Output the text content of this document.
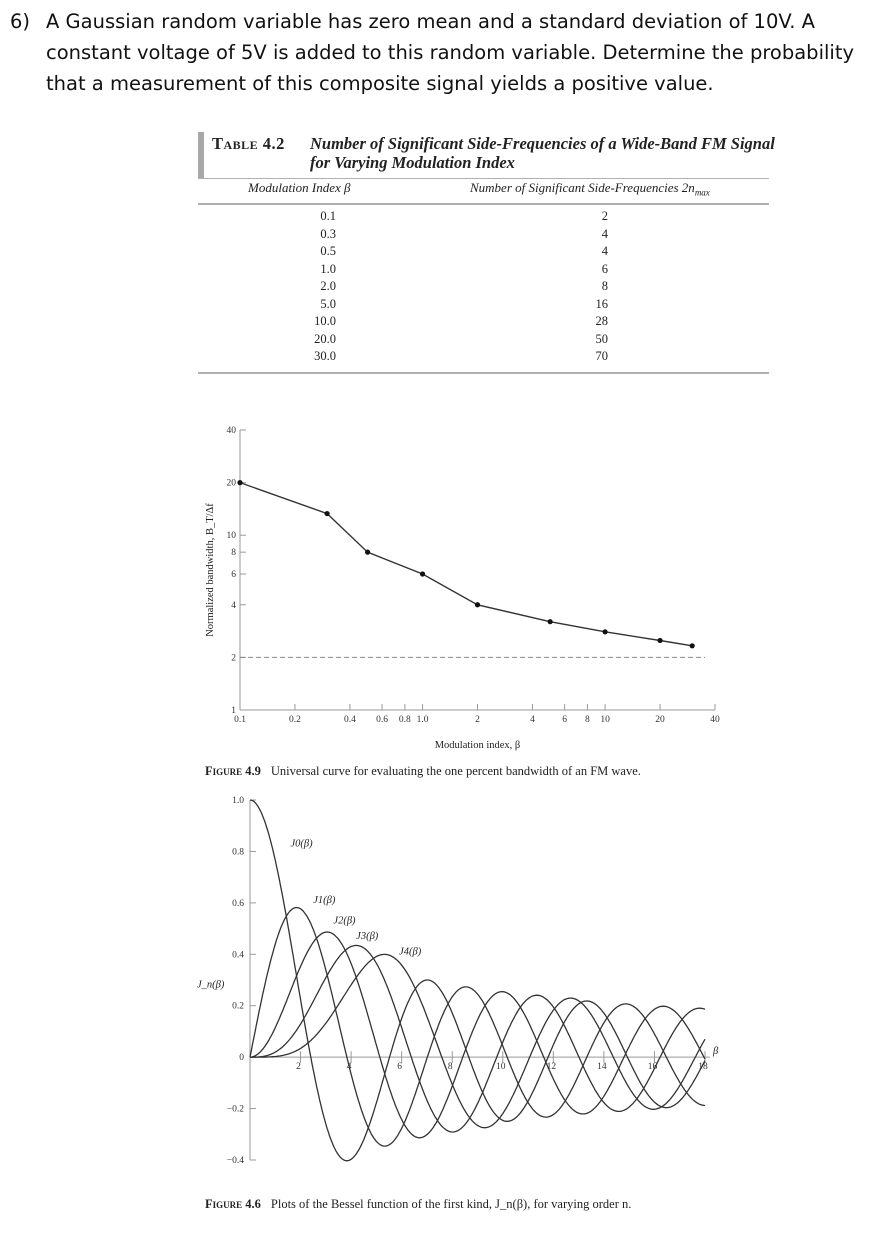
6) A Gaussian random variable has zero mean and a standard deviation of 10V. A constant voltage of 5V is added to this random variable. Determine the probability that a measurement of this composite signal yields a positive value.
Table 4.2 Number of Significant Side-Frequencies of a Wide-Band FM Signal for Varying Modulation Index
Modulation Index β	Number of Significant Side-Frequencies $2n_{max}$
0.1	2
0.3	4
0.5	4
1.0	6
2.0	8
5.0	16
10.0	28
20.0	50
30.0	70
1
2
4
6
8
10
20
40
0.1	0.2	0.4 0.6 0.8 1.0	2	4	6 8 10	20	40
Modulation index, β
Normalized bandwidth, B_T/Δf
Figure 4.9 Universal curve for evaluating the one percent bandwidth of an FM wave.
1.0
0.8
0.6
0.4
0.2
0
−0.2
−0.4
2	4	6	8	10	12	14	16	18
J0(β)
J1(β)
J2(β)
J3(β)
J4(β)
β
J_n(β)
Figure 4.6 Plots of the Bessel function of the first kind, J_n(β), for varying order n.
